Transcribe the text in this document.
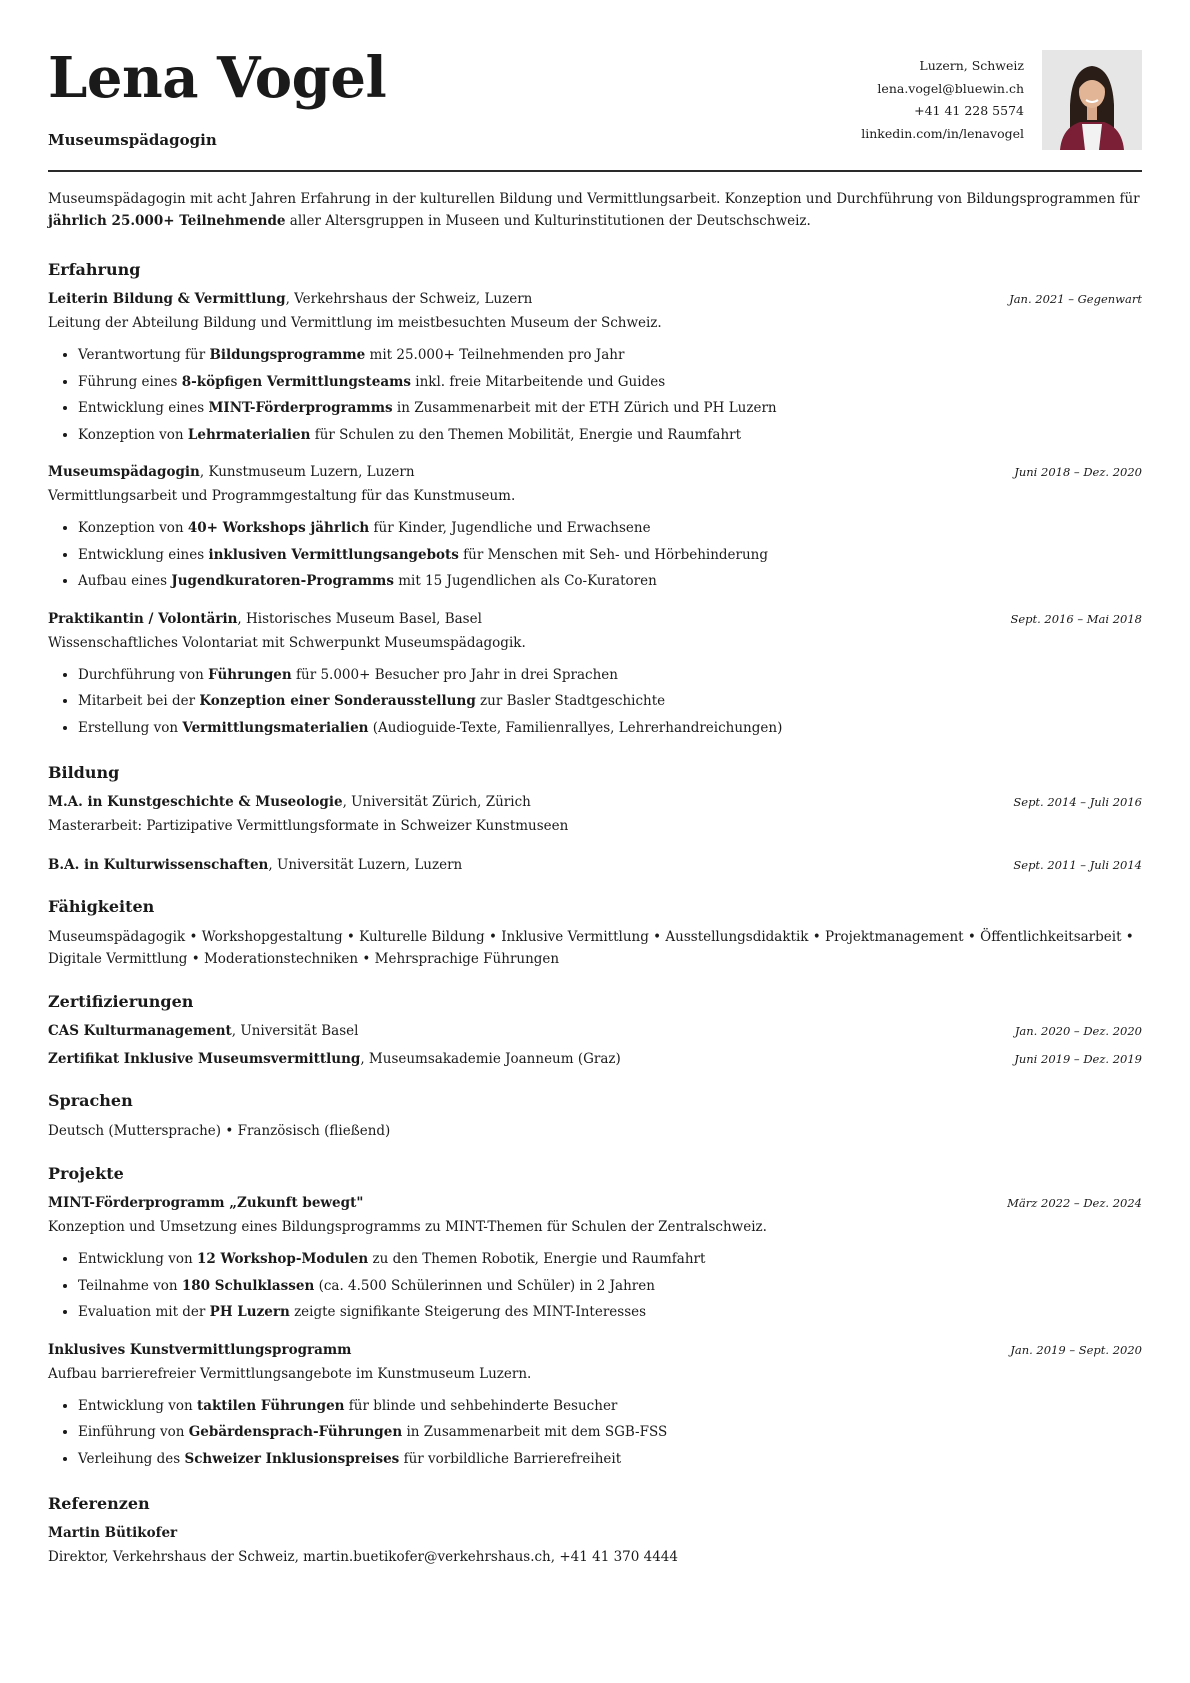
Lena Vogel
Museumspädagogin
Luzern, Schweiz
lena.vogel@bluewin.ch
+41 41 228 5574
linkedin.com/in/lenavogel
Museumspädagogin mit acht Jahren Erfahrung in der kulturellen Bildung und Vermittlungsarbeit. Konzeption und Durchführung von Bildungsprogrammen für jährlich 25.000+ Teilnehmende aller Altersgruppen in Museen und Kulturinstitutionen der Deutschschweiz.
Erfahrung
Leiterin Bildung & Vermittlung, Verkehrshaus der Schweiz, Luzern	Jan. 2021 – Gegenwart
Leitung der Abteilung Bildung und Vermittlung im meistbesuchten Museum der Schweiz.
• Verantwortung für Bildungsprogramme mit 25.000+ Teilnehmenden pro Jahr
• Führung eines 8-köpfigen Vermittlungsteams inkl. freie Mitarbeitende und Guides
• Entwicklung eines MINT-Förderprogramms in Zusammenarbeit mit der ETH Zürich und PH Luzern
• Konzeption von Lehrmaterialien für Schulen zu den Themen Mobilität, Energie und Raumfahrt
Museumspädagogin, Kunstmuseum Luzern, Luzern	Juni 2018 – Dez. 2020
Vermittlungsarbeit und Programmgestaltung für das Kunstmuseum.
• Konzeption von 40+ Workshops jährlich für Kinder, Jugendliche und Erwachsene
• Entwicklung eines inklusiven Vermittlungsangebots für Menschen mit Seh- und Hörbehinderung
• Aufbau eines Jugendkuratoren-Programms mit 15 Jugendlichen als Co-Kuratoren
Praktikantin / Volontärin, Historisches Museum Basel, Basel	Sept. 2016 – Mai 2018
Wissenschaftliches Volontariat mit Schwerpunkt Museumspädagogik.
• Durchführung von Führungen für 5.000+ Besucher pro Jahr in drei Sprachen
• Mitarbeit bei der Konzeption einer Sonderausstellung zur Basler Stadtgeschichte
• Erstellung von Vermittlungsmaterialien (Audioguide-Texte, Familienrallyes, Lehrerhandreichungen)
Bildung
M.A. in Kunstgeschichte & Museologie, Universität Zürich, Zürich	Sept. 2014 – Juli 2016
Masterarbeit: Partizipative Vermittlungsformate in Schweizer Kunstmuseen
B.A. in Kulturwissenschaften, Universität Luzern, Luzern	Sept. 2011 – Juli 2014
Fähigkeiten
Museumspädagogik • Workshopgestaltung • Kulturelle Bildung • Inklusive Vermittlung • Ausstellungsdidaktik • Projektmanagement • Öffentlichkeitsarbeit • Digitale Vermittlung • Moderationstechniken • Mehrsprachige Führungen
Zertifizierungen
CAS Kulturmanagement, Universität Basel	Jan. 2020 – Dez. 2020
Zertifikat Inklusive Museumsvermittlung, Museumsakademie Joanneum (Graz)	Juni 2019 – Dez. 2019
Sprachen
Deutsch (Muttersprache) • Französisch (fließend)
Projekte
MINT-Förderprogramm „Zukunft bewegt"	März 2022 – Dez. 2024
Konzeption und Umsetzung eines Bildungsprogramms zu MINT-Themen für Schulen der Zentralschweiz.
• Entwicklung von 12 Workshop-Modulen zu den Themen Robotik, Energie und Raumfahrt
• Teilnahme von 180 Schulklassen (ca. 4.500 Schülerinnen und Schüler) in 2 Jahren
• Evaluation mit der PH Luzern zeigte signifikante Steigerung des MINT-Interesses
Inklusives Kunstvermittlungsprogramm	Jan. 2019 – Sept. 2020
Aufbau barrierefreier Vermittlungsangebote im Kunstmuseum Luzern.
• Entwicklung von taktilen Führungen für blinde und sehbehinderte Besucher
• Einführung von Gebärdensprach-Führungen in Zusammenarbeit mit dem SGB-FSS
• Verleihung des Schweizer Inklusionspreises für vorbildliche Barrierefreiheit
Referenzen
Martin Bütikofer
Direktor, Verkehrshaus der Schweiz, martin.buetikofer@verkehrshaus.ch, +41 41 370 4444
